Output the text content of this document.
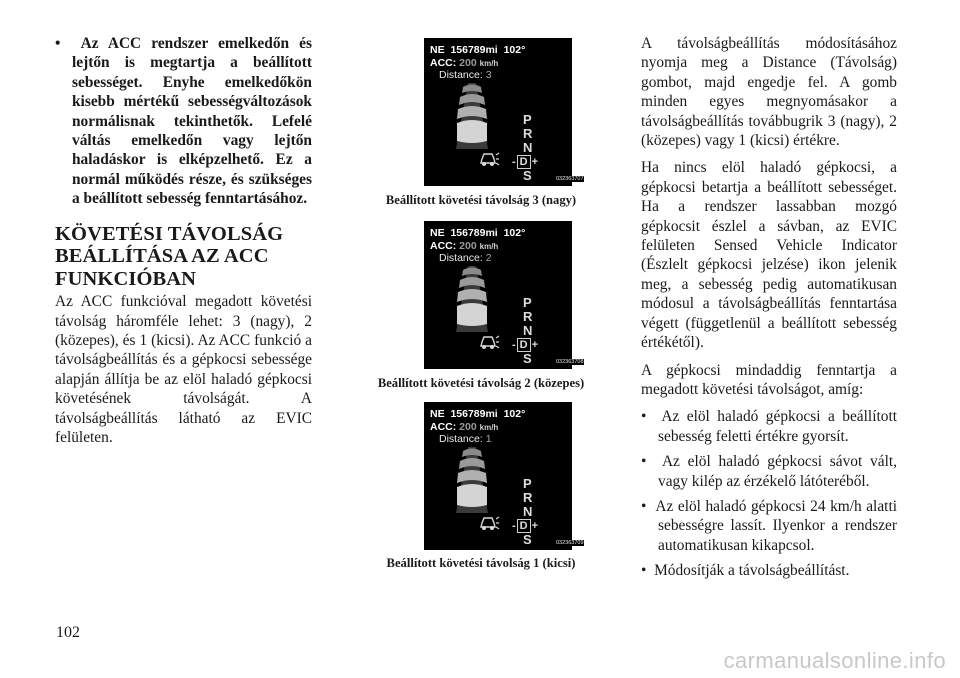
•  Az ACC rendszer emelkedőn és lejtőn is megtartja a beállított sebességet. Enyhe emelkedőkön kisebb mértékű sebességváltozások normálisnak tekinthetők. Lefelé váltás emelkedőn vagy lejtőn haladáskor is elképzelhető. Ez a normál működés része, és szükséges a beállított sebesség fenntartásához.
KÖVETÉSI TÁVOLSÁG BEÁLLÍTÁSA AZ ACC FUNKCIÓBAN
Az ACC funkcióval megadott követési távolság háromféle lehet: 3 (nagy), 2 (közepes), és 1 (kicsi). Az ACC funkció a távolságbeállítás és a gépkocsi sebessége alapján állítja be az elöl haladó gépkocsi követésének távolságát. A távolságbeállítás látható az EVIC felületen.
NE 156789mi 102°
ACC: 200 km/h
Distance: 3
P
R
N
- D +
S	032363707
Beállított követési távolság 3 (nagy)
NE 156789mi 102°
ACC: 200 km/h
Distance: 2
P
R
N
- D +
S	032363708
Beállított követési távolság 2 (közepes)
NE 156789mi 102°
ACC: 200 km/h
Distance: 1
P
R
N
- D +
S	032363709
Beállított követési távolság 1 (kicsi)
A távolságbeállítás módosításához nyomja meg a Distance (Távolság) gombot, majd engedje fel. A gomb minden egyes megnyomásakor a távolságbeállítás továbbugrik 3 (nagy), 2 (közepes) vagy 1 (kicsi) értékre.
Ha nincs elöl haladó gépkocsi, a gépkocsi betartja a beállított sebességet. Ha a rendszer lassabban mozgó gépkocsit észlel a sávban, az EVIC felületen Sensed Vehicle Indicator (Észlelt gépkocsi jelzése) ikon jelenik meg, a sebesség pedig automatikusan módosul a távolságbeállítás fenntartása végett (függetlenül a beállított sebesség értékétől).
A gépkocsi mindaddig fenntartja a megadott követési távolságot, amíg:
•  Az elöl haladó gépkocsi a beállított sebesség feletti értékre gyorsít.
•  Az elöl haladó gépkocsi sávot vált, vagy kilép az érzékelő látóteréből.
•  Az elöl haladó gépkocsi 24 km/h alatti sebességre lassít. Ilyenkor a rendszer automatikusan kikapcsol.
•  Módosítják a távolságbeállítást.
102
carmanualsonline.info
